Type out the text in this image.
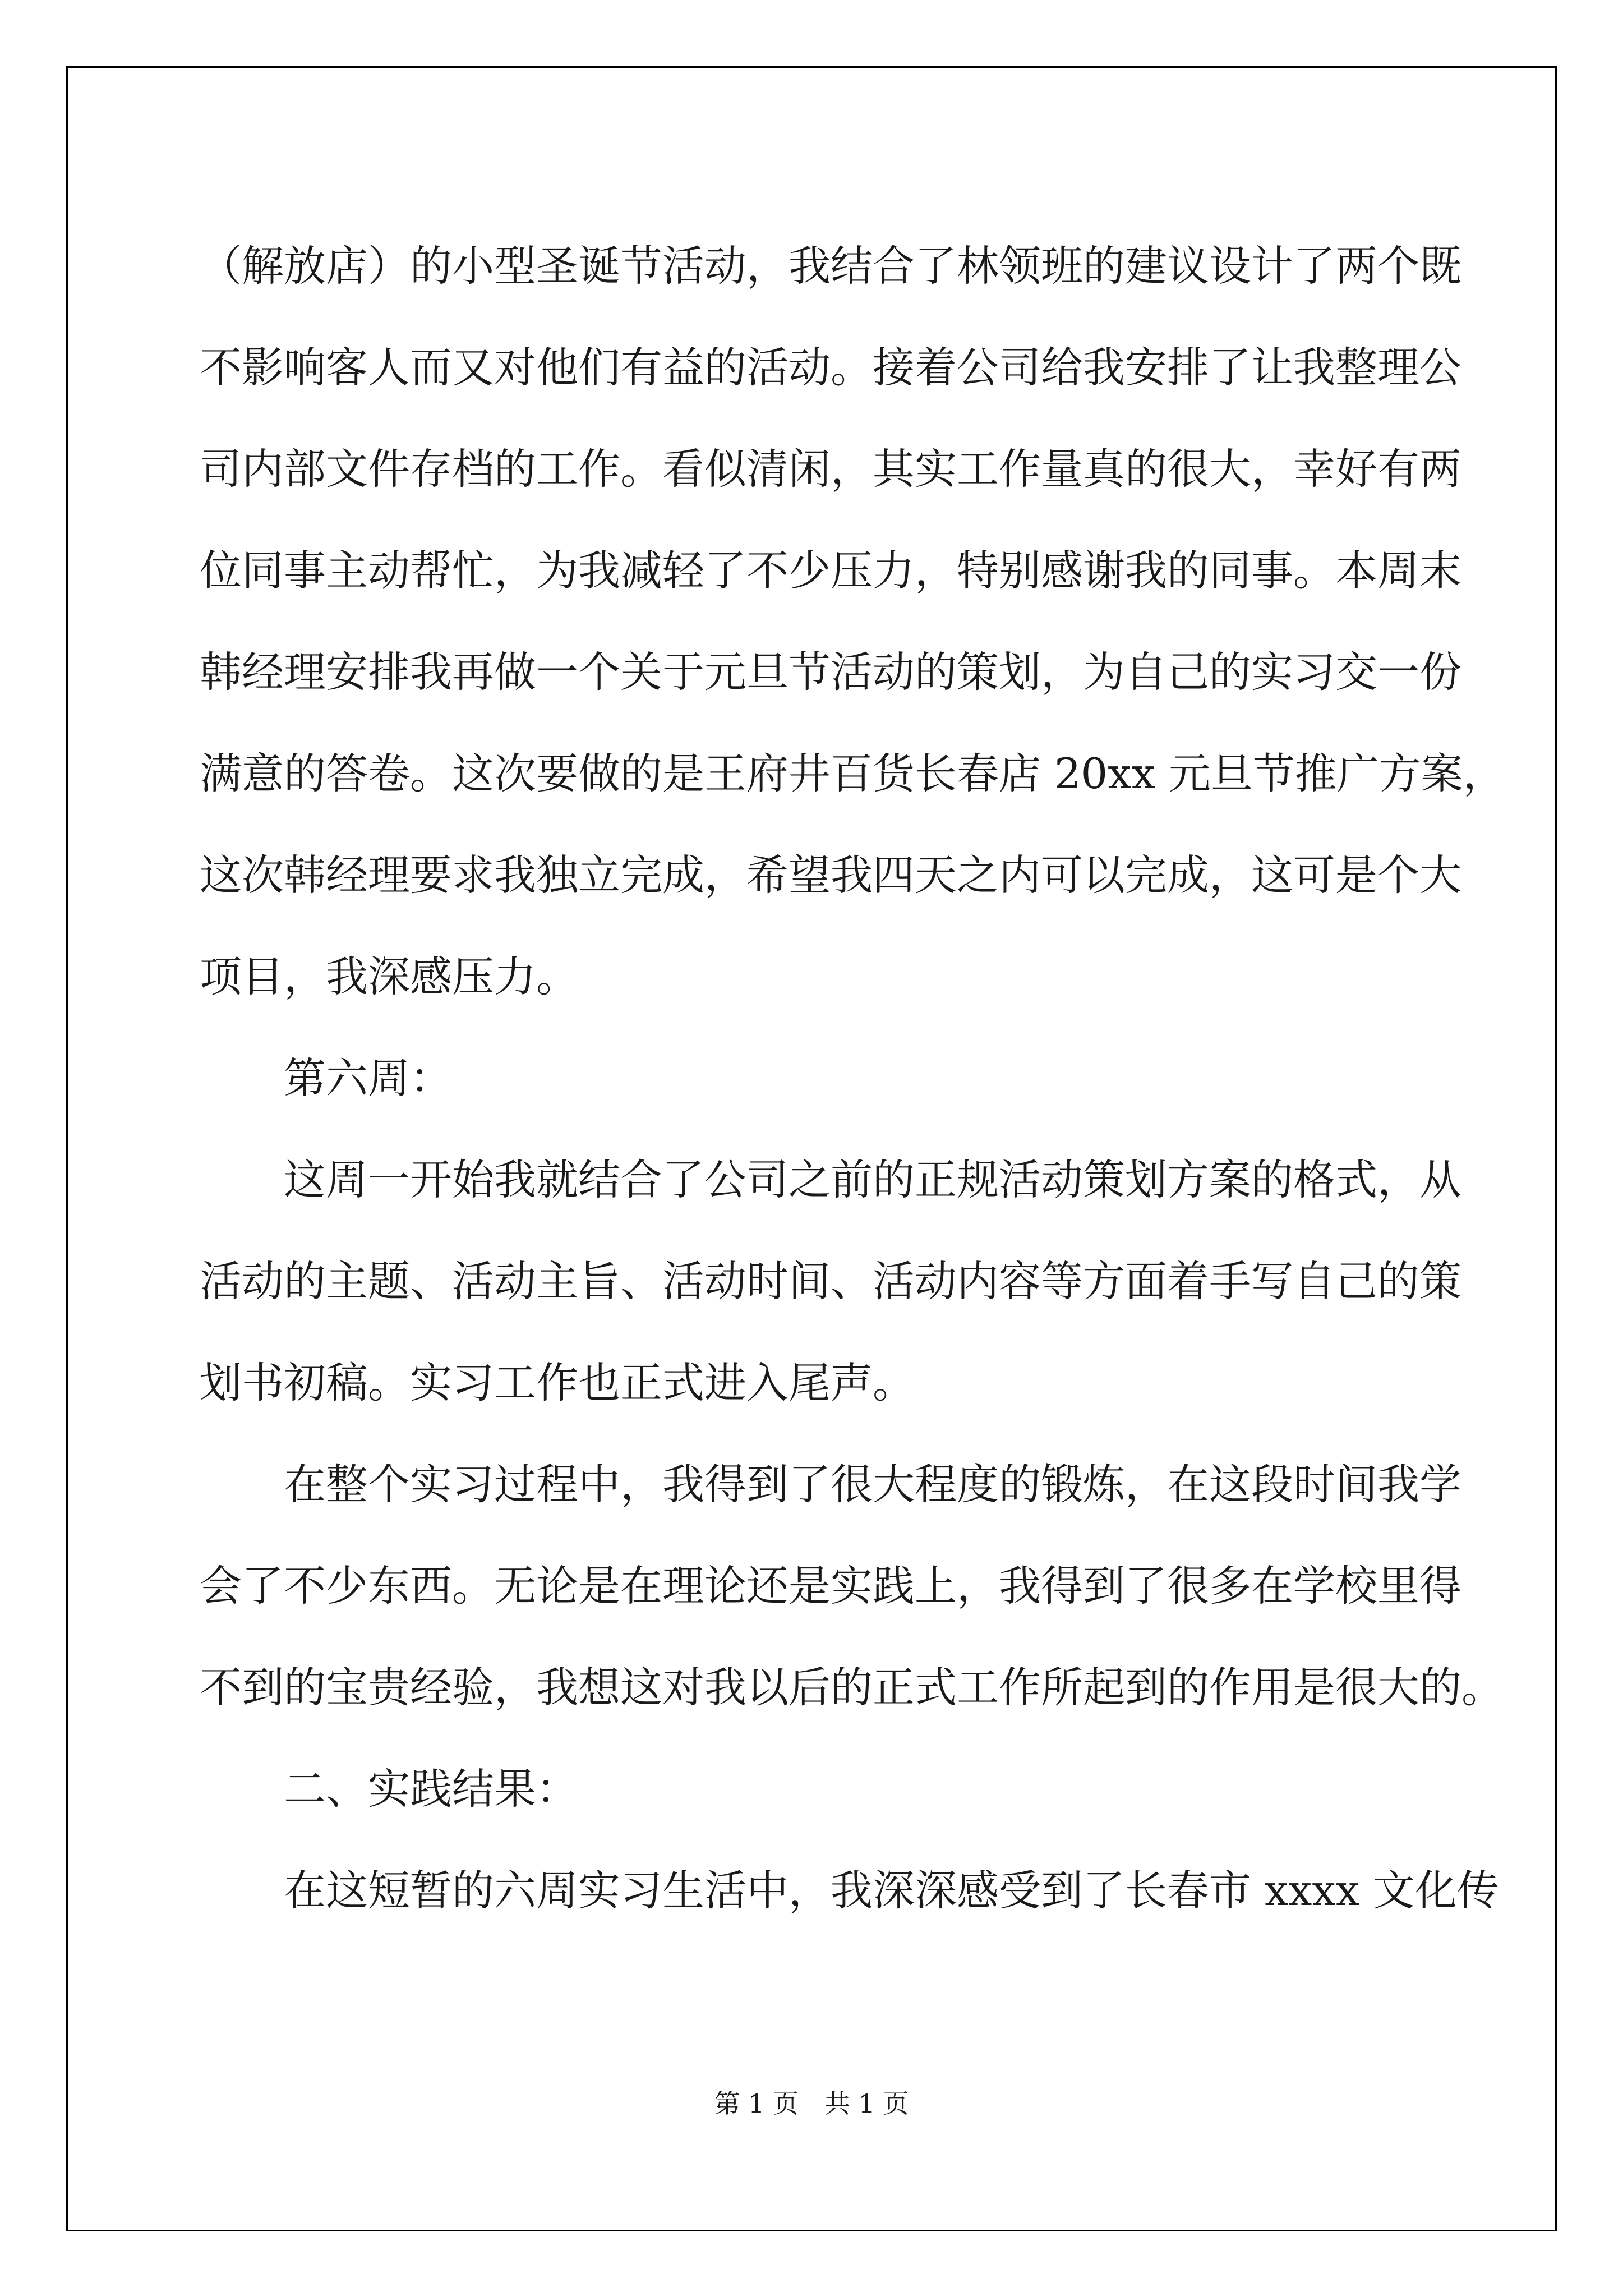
（解放店）的小型圣诞节活动，我结合了林领班的建议设计了两个既
不影响客人而又对他们有益的活动。接着公司给我安排了让我整理公
司内部文件存档的工作。看似清闲，其实工作量真的很大，幸好有两
位同事主动帮忙，为我减轻了不少压力，特别感谢我的同事。本周末
韩经理安排我再做一个关于元旦节活动的策划，为自己的实习交一份
满意的答卷。这次要做的是王府井百货长春店 20xx 元旦节推广方案，
这次韩经理要求我独立完成，希望我四天之内可以完成，这可是个大
项目，我深感压力。
第六周：
这周一开始我就结合了公司之前的正规活动策划方案的格式，从
活动的主题、活动主旨、活动时间、活动内容等方面着手写自己的策
划书初稿。实习工作也正式进入尾声。
在整个实习过程中，我得到了很大程度的锻炼，在这段时间我学
会了不少东西。无论是在理论还是实践上，我得到了很多在学校里得
不到的宝贵经验，我想这对我以后的正式工作所起到的作用是很大的。
二、实践结果：
在这短暂的六周实习生活中，我深深感受到了长春市 xxxx 文化传
第 1 页　共 1 页
